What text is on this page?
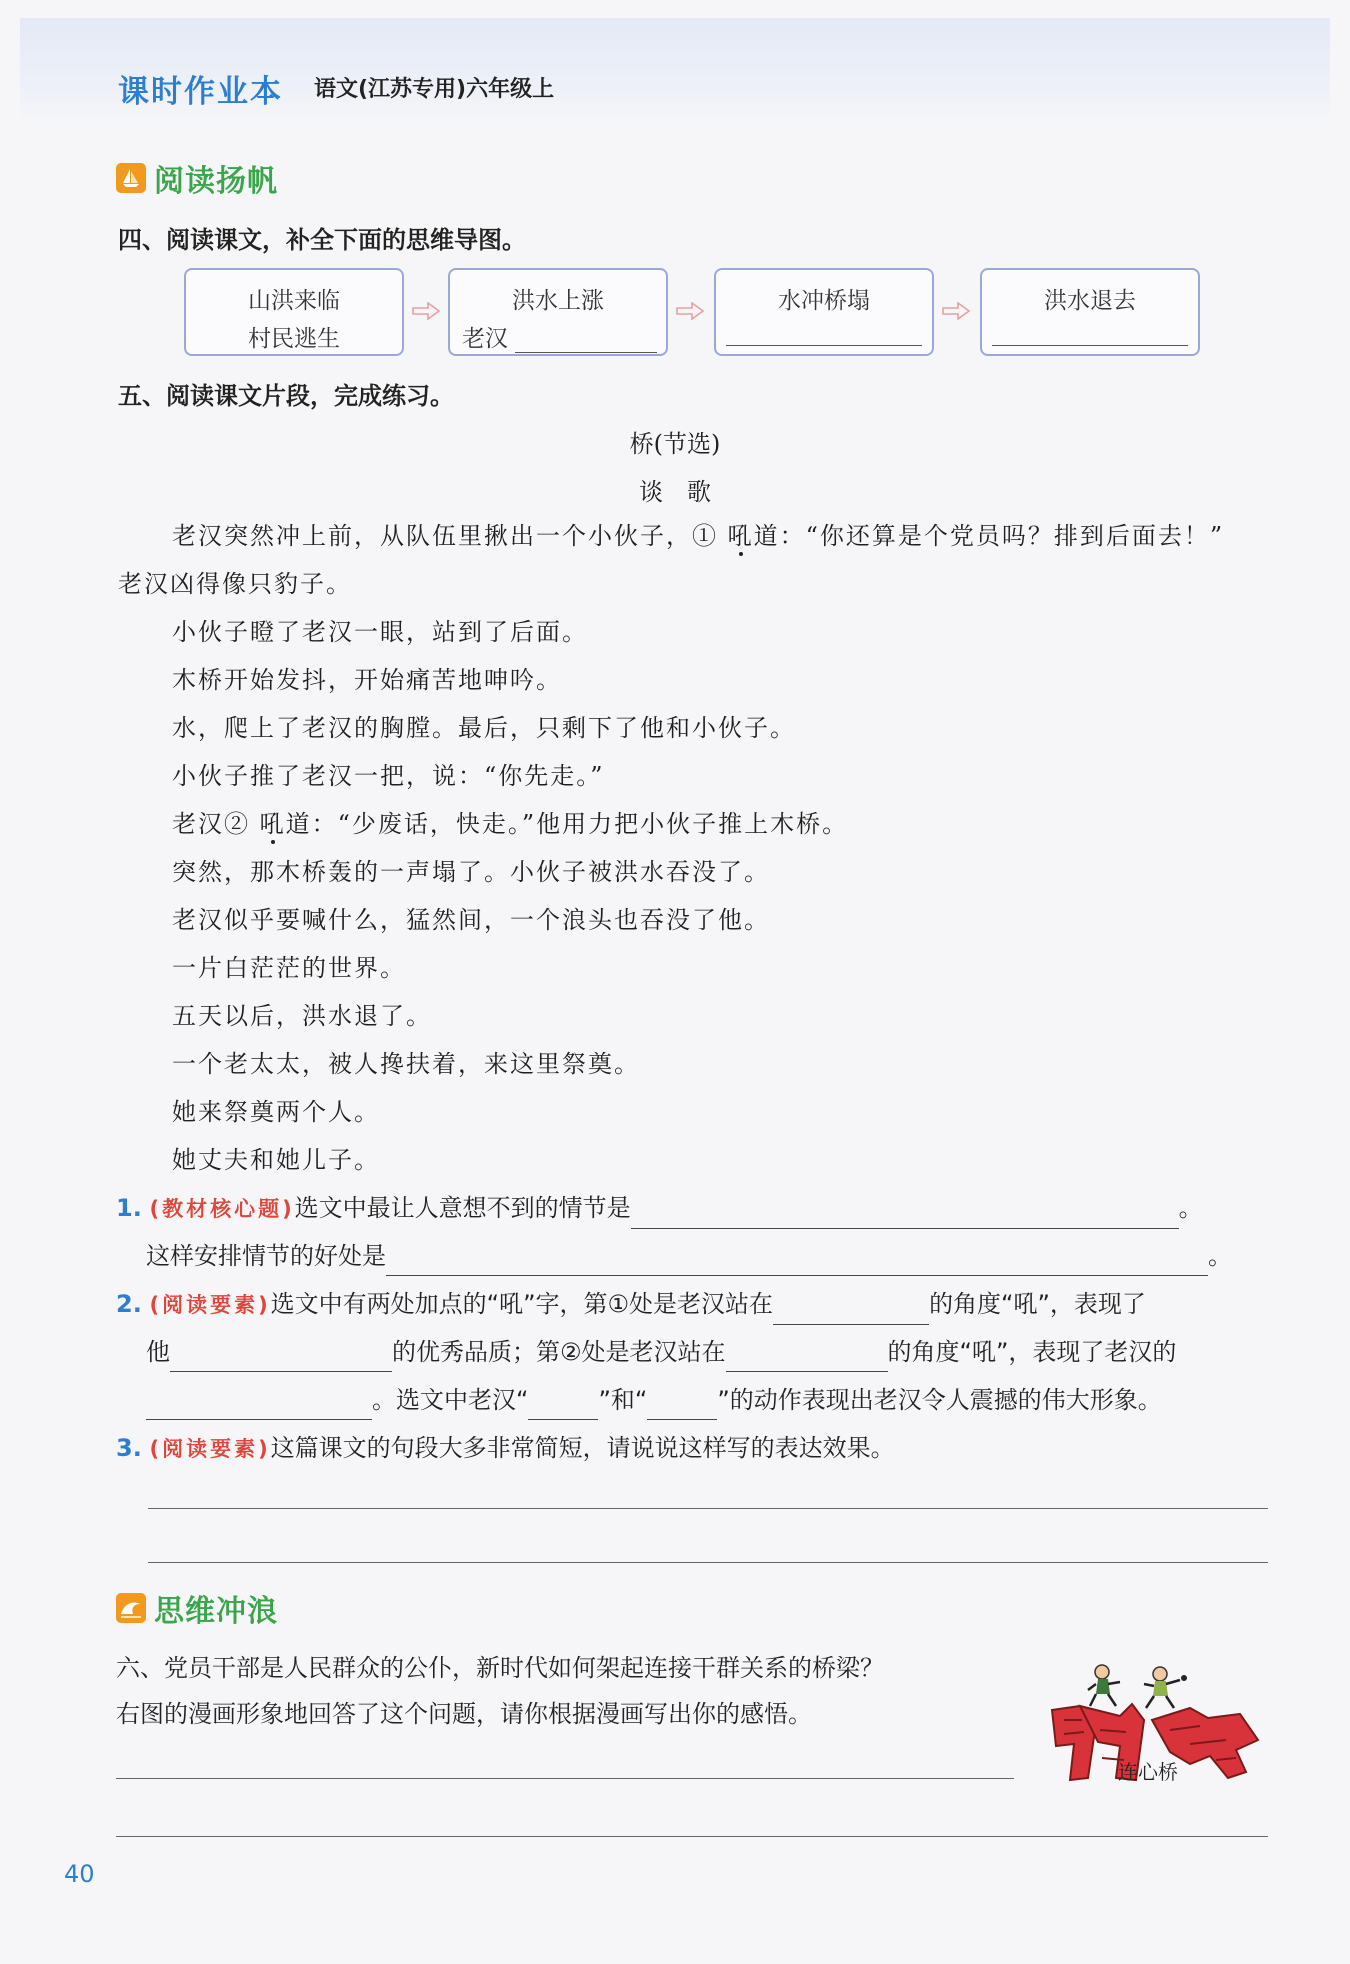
课时作业本 语文(江苏专用)六年级上
阅读扬帆
四、阅读课文，补全下面的思维导图。
山洪来临
村民逃生
洪水上涨
老汉
水冲桥塌	洪水退去
五、阅读课文片段，完成练习。
桥(节选)
谈　歌
老汉突然冲上前，从队伍里揪出一个小伙子，① 吼道：“你还算是个党员吗？排到后面去！”
老汉凶得像只豹子。
小伙子瞪了老汉一眼，站到了后面。
木桥开始发抖，开始痛苦地呻吟。
水，爬上了老汉的胸膛。最后，只剩下了他和小伙子。
小伙子推了老汉一把，说：“你先走。”
老汉② 吼道：“少废话，快走。”他用力把小伙子推上木桥。
突然，那木桥轰的一声塌了。小伙子被洪水吞没了。
老汉似乎要喊什么，猛然间，一个浪头也吞没了他。
一片白茫茫的世界。
五天以后，洪水退了。
一个老太太，被人搀扶着，来这里祭奠。
她来祭奠两个人。
她丈夫和她儿子。
1. (教材核心题)选文中最让人意想不到的情节是	。
这样安排情节的好处是	。
2. (阅读要素)选文中有两处加点的“吼”字，第①处是老汉站在	的角度“吼”，表现了
他	的优秀品质；第②处是老汉站在	的角度“吼”，表现了老汉的
。选文中老汉“	”和“	”的动作表现出老汉令人震撼的伟大形象。
3. (阅读要素)这篇课文的句段大多非常简短，请说说这样写的表达效果。
思维冲浪
六、党员干部是人民群众的公仆，新时代如何架起连接干群关系的桥梁？
右图的漫画形象地回答了这个问题，请你根据漫画写出你的感悟。
连心桥
40
